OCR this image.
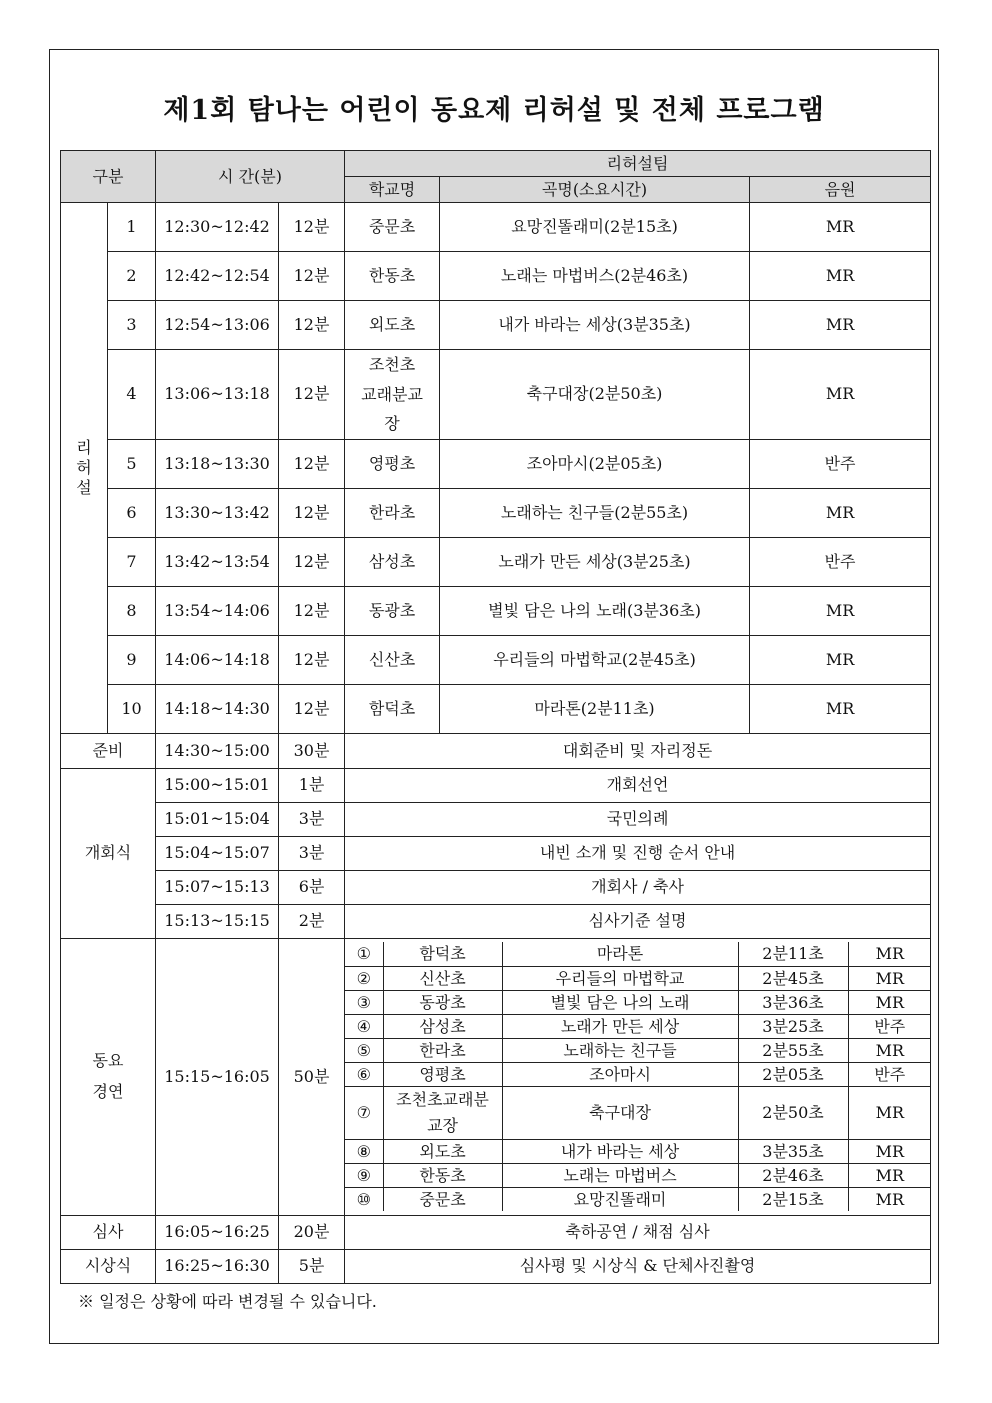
제1회 탐나는 어린이 동요제 리허설 및 전체 프로그램
구분	시 간(분)	리허설팀
학교명	곡명(소요시간)	음원
리
허
설	1	12:30~12:42	12분	중문초	요망진똘래미(2분15초)	MR
2	12:42~12:54	12분	한동초	노래는 마법버스(2분46초)	MR
3	12:54~13:06	12분	외도초	내가 바라는 세상(3분35초)	MR
4	13:06~13:18	12분	조천초
교래분교
장	축구대장(2분50초)	MR
5	13:18~13:30	12분	영평초	조아마시(2분05초)	반주
6	13:30~13:42	12분	한라초	노래하는 친구들(2분55초)	MR
7	13:42~13:54	12분	삼성초	노래가 만든 세상(3분25초)	반주
8	13:54~14:06	12분	동광초	별빛 담은 나의 노래(3분36초)	MR
9	14:06~14:18	12분	신산초	우리들의 마법학교(2분45초)	MR
10	14:18~14:30	12분	함덕초	마라톤(2분11초)	MR
준비	14:30~15:00	30분	대회준비 및 자리정돈
개회식	15:00~15:01	1분	개회선언
15:01~15:04	3분	국민의례
15:04~15:07	3분	내빈 소개 및 진행 순서 안내
15:07~15:13	6분	개회사 / 축사
15:13~15:15	2분	심사기준 설명
동요
경연	15:15~16:05	50분	
①	함덕초	마라톤	2분11초	MR
②	신산초	우리들의 마법학교	2분45초	MR
③	동광초	별빛 담은 나의 노래	3분36초	MR
④	삼성초	노래가 만든 세상	3분25초	반주
⑤	한라초	노래하는 친구들	2분55초	MR
⑥	영평초	조아마시	2분05초	반주
⑦	조천초교래분
교장	축구대장	2분50초	MR
⑧	외도초	내가 바라는 세상	3분35초	MR
⑨	한동초	노래는 마법버스	2분46초	MR
⑩	중문초	요망진똘래미	2분15초	MR

심사	16:05~16:25	20분	축하공연 / 채점 심사
시상식	16:25~16:30	5분	심사평 및 시상식 & 단체사진촬영
※ 일정은 상황에 따라 변경될 수 있습니다.
